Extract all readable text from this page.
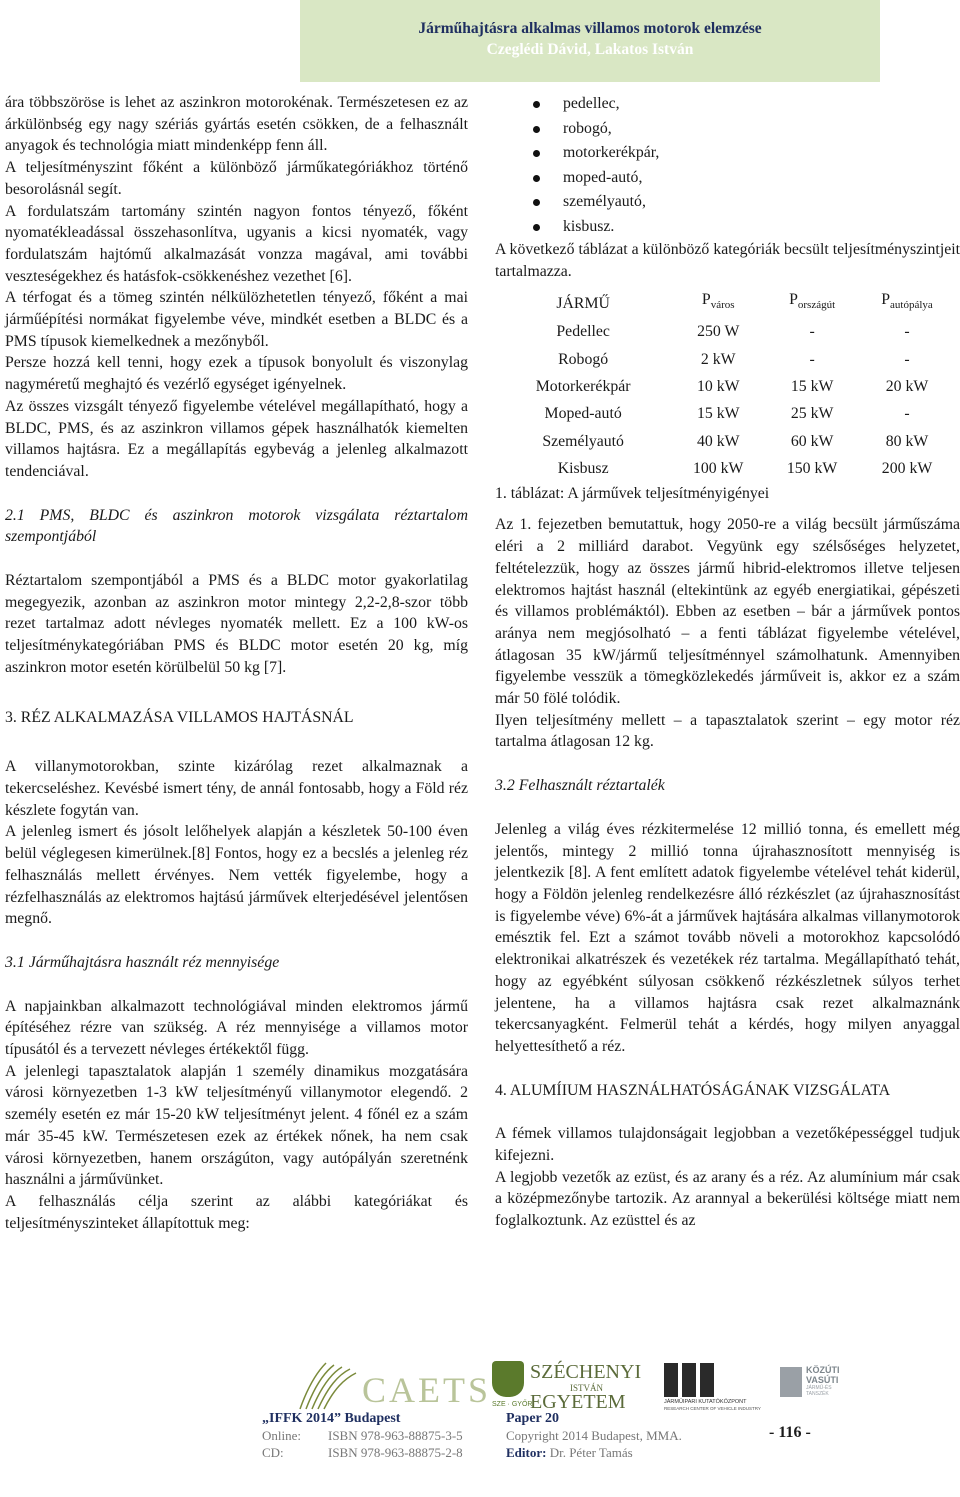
Járműhajtásra alkalmas villamos motorok elemzése
Czeglédi Dávid, Lakatos István

ára többszöröse is lehet az aszinkron motorokénak. Természetesen ez az árkülönbség egy nagy szériás gyártás esetén csökken, de a felhasznált anyagok és technológia miatt mindenképp fenn áll.

A teljesítményszint főként a különböző járműkategóriákhoz történő besorolásnál segít.

A fordulatszám tartomány szintén nagyon fontos tényező, főként nyomatékleadással összehasonlítva, ugyanis a kicsi nyomaték, vagy fordulatszám hajtómű alkalmazását vonzza magával, ami további veszteségekhez és hatásfok-csökkenéshez vezethet [6].

A térfogat és a tömeg szintén nélkülözhetetlen tényező, főként a mai járműépítési normákat figyelembe véve, mindkét esetben a BLDC és a PMS típusok kiemelkednek a mezőnyből.

Persze hozzá kell tenni, hogy ezek a típusok bonyolult és viszonylag nagyméretű meghajtó és vezérlő egységet igényelnek.

Az összes vizsgált tényező figyelembe vételével megállapítható, hogy a BLDC, PMS, és az aszinkron villamos gépek használhatók kiemelten villamos hajtásra. Ez a megállapítás egybevág a jelenleg alkalmazott tendenciával.

2.1 PMS, BLDC és aszinkron motorok vizsgálata réztartalom szempontjából

Réztartalom szempontjából a PMS és a BLDC motor gyakorlatilag megegyezik, azonban az aszinkron motor mintegy 2,2-2,8-szor több rezet tartalmaz adott névleges nyomaték mellett. Ez a 100 kW-os teljesítménykategóriában PMS és BLDC motor esetén 20 kg, míg aszinkron motor esetén körülbelül 50 kg [7].

3. RÉZ ALKALMAZÁSA VILLAMOS HAJTÁSNÁL

A villanymotorokban, szinte kizárólag rezet alkalmaznak a tekercseléshez. Kevésbé ismert tény, de annál fontosabb, hogy a Föld réz készlete fogytán van.

A jelenleg ismert és jósolt lelőhelyek alapján a készletek 50-100 éven belül véglegesen kimerülnek.[8] Fontos, hogy ez a becslés a jelenleg réz felhasználás mellett érvényes. Nem vették figyelembe, hogy a rézfelhasználás az elektromos hajtású járművek elterjedésével jelentősen megnő.

3.1 Járműhajtásra használt réz mennyisége

A napjainkban alkalmazott technológiával minden elektromos jármű építéséhez rézre van szükség. A réz mennyisége a villamos motor típusától és a tervezett névleges értékektől függ.

A jelenlegi tapasztalatok alapján 1 személy dinamikus mozgatására városi környezetben 1-3 kW teljesítményű villanymotor elegendő. 2 személy esetén ez már 15-20 kW teljesítményt jelent. 4 főnél ez a szám már 35-45 kW. Természetesen ezek az értékek nőnek, ha nem csak városi környezetben, hanem országúton, vagy autópályán szeretnénk használni a járművünket.

A felhasználás célja szerint az alábbi kategóriákat és teljesítményszinteket állapítottuk meg:

pedellec,
robogó,
motorkerékpár,
moped-autó,
személyautó,
kisbusz.

A következő táblázat a különböző kategóriák becsült teljesítményszintjeit tartalmazza.

JÁRMŰ	$P_{város}$	$P_{országút}$	$P_{autópálya}$
Pedellec	250 W	-	-
Robogó	2 kW	-	-
Motorkerékpár	10 kW	15 kW	20 kW
Moped-autó	15 kW	25 kW	-
Személyautó	40 kW	60 kW	80 kW
Kisbusz	100 kW	150 kW	200 kW

1. táblázat: A járművek teljesítményigényei

Az 1. fejezetben bemutattuk, hogy 2050-re a világ becsült járműszáma eléri a 2 milliárd darabot. Vegyünk egy szélsőséges helyzetet, feltételezzük, hogy az összes jármű hibrid-elektromos illetve teljesen elektromos hajtást használ (eltekintünk az egyéb energiatikai, gépészeti és villamos problémáktól). Ebben az esetben – bár a járművek pontos aránya nem megjósolható – a fenti táblázat figyelembe vételével, átlagosan 35 kW/jármű teljesítménnyel számolhatunk. Amennyiben figyelembe vesszük a tömegközlekedés járműveit is, akkor ez a szám már 50 fölé tolódik.

Ilyen teljesítmény mellett – a tapasztalatok szerint – egy motor réz tartalma átlagosan 12 kg.

3.2 Felhasznált réztartalék

Jelenleg a világ éves rézkitermelése 12 millió tonna, és emellett még jelentős, mintegy 2 millió tonna újrahasznosított mennyiség is jelentkezik [8]. A fent említett adatok figyelembe vételével tehát kiderül, hogy a Földön jelenleg rendelkezésre álló rézkészlet (az újrahasznosítást is figyelembe véve) 6%-át a járművek hajtására alkalmas villanymotorok emésztik fel. Ezt a számot tovább növeli a motorokhoz kapcsolódó elektronikai alkatrészek és vezetékek réz tartalma. Megállapítható tehát, hogy az egyébként súlyosan csökkenő rézkészletnek súlyos terhet jelentene, ha a villamos hajtásra csak rezet alkalmaznánk tekercsanyagként. Felmerül tehát a kérdés, hogy milyen anyaggal helyettesíthető a réz.

4. ALUMÍIUM HASZNÁLHATÓSÁGÁNAK VIZSGÁLATA

A fémek villamos tulajdonságait legjobban a vezetőképességgel tudjuk kifejezni.

A legjobb vezetők az ezüst, és az arany és a réz. Az alumínium már csak a középmezőnybe tartozik. Az arannyal a bekerülési költsége miatt nem foglalkoztunk. Az ezüsttel és az

CAETS SZÉCHENYI
ISTVÁN
EGYETEM
SZE · GYŐR	JÁRMŰIPARI KUTATÓKÖZPONT
RESEARCH CENTER OF VEHICLE INDUSTRY
KÖZÚTI
VASÚTI
JÁRMŰ-ÉS
TANSZÉK
„IFFK 2014” Budapest
Online: ISBN 978-963-88875-3-5
CD:	ISBN 978-963-88875-2-8
Paper 20
Copyright 2014 Budapest, MMA.
Editor: Dr. Péter Tamás
- 116 -
